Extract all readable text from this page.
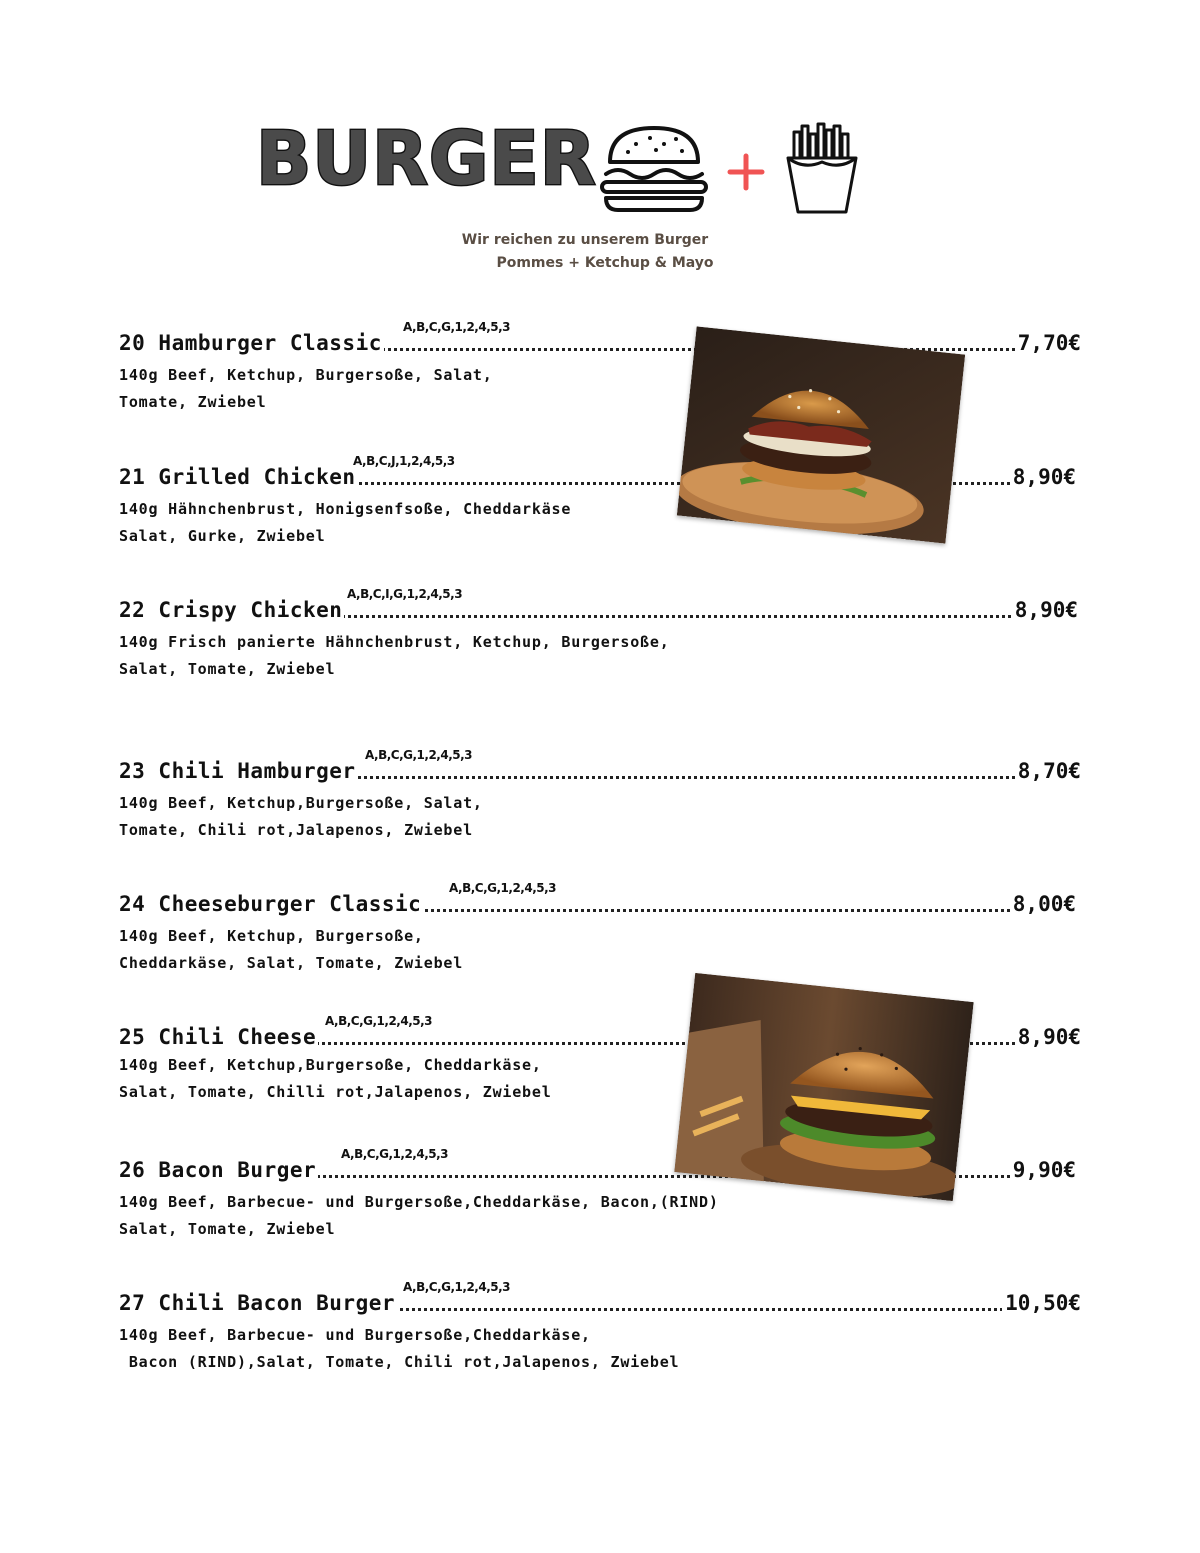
BURGER
Wir reichen zu unserem Burger
Pommes + Ketchup & Mayo
20 Hamburger Classic
A,B,C,G,1,2,4,5,3
7,70€
140g Beef, Ketchup, Burgersoße, Salat,
Tomate, Zwiebel
21 Grilled Chicken
A,B,C,J,1,2,4,5,3
8,90€
140g Hähnchenbrust, Honigsenfsoße, Cheddarkäse
Salat, Gurke, Zwiebel
22 Crispy Chicken
A,B,C,I,G,1,2,4,5,3
8,90€
140g Frisch panierte Hähnchenbrust, Ketchup, Burgersoße,
Salat, Tomate, Zwiebel
23 Chili Hamburger
A,B,C,G,1,2,4,5,3
8,70€
140g Beef, Ketchup,Burgersoße, Salat,
Tomate, Chili rot,Jalapenos, Zwiebel
24 Cheeseburger Classic
A,B,C,G,1,2,4,5,3
8,00€
140g Beef, Ketchup, Burgersoße,
Cheddarkäse, Salat, Tomate, Zwiebel
25 Chili Cheese
A,B,C,G,1,2,4,5,3
8,90€
140g Beef, Ketchup,Burgersoße, Cheddarkäse,
Salat, Tomate, Chilli rot,Jalapenos, Zwiebel
26 Bacon Burger
A,B,C,G,1,2,4,5,3
9,90€
140g Beef, Barbecue- und Burgersoße,Cheddarkäse, Bacon,(RIND)
Salat, Tomate, Zwiebel
27 Chili Bacon Burger
A,B,C,G,1,2,4,5,3
10,50€
140g Beef, Barbecue- und Burgersoße,Cheddarkäse,
Bacon (RIND),Salat, Tomate, Chili rot,Jalapenos, Zwiebel
